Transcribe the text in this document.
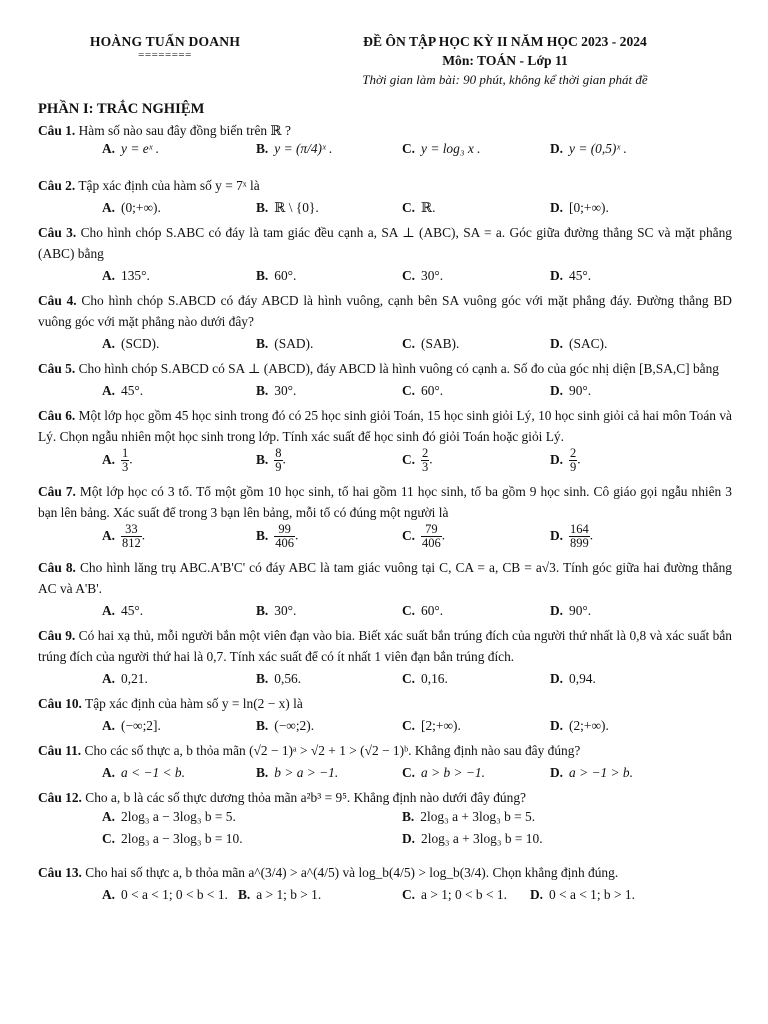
HOÀNG TUẤN DOANH
========
ĐỀ ÔN TẬP HỌC KỲ II NĂM HỌC 2023 - 2024
Môn: TOÁN - Lớp 11
Thời gian làm bài: 90 phút, không kể thời gian phát đề
PHẦN I: TRẮC NGHIỆM
Câu 1. Hàm số nào sau đây đồng biến trên ℝ ?
A. y = eˣ .	B. y = (π/4)ˣ .	C. y = log₃ x .	D. y = (0,5)ˣ .
Câu 2. Tập xác định của hàm số y = 7ˣ là
A. (0;+∞).	B. ℝ \ {0}.	C. ℝ.	D. [0;+∞).
Câu 3. Cho hình chóp S.ABC có đáy là tam giác đều cạnh a, SA ⊥ (ABC), SA = a. Góc giữa đường thẳng SC và mặt phẳng (ABC) bằng
A. 135°.	B. 60°.	C. 30°.	D. 45°.
Câu 4. Cho hình chóp S.ABCD có đáy ABCD là hình vuông, cạnh bên SA vuông góc với mặt phẳng đáy. Đường thẳng BD vuông góc với mặt phẳng nào dưới đây?
A. (SCD).	B. (SAD).	C. (SAB).	D. (SAC).
Câu 5. Cho hình chóp S.ABCD có SA ⊥ (ABCD), đáy ABCD là hình vuông có cạnh a. Số đo của góc nhị diện [B,SA,C] bằng
A. 45°.	B. 30°.	C. 60°.	D. 90°.
Câu 6. Một lớp học gồm 45 học sinh trong đó có 25 học sinh giỏi Toán, 15 học sinh giỏi Lý, 10 học sinh giỏi cả hai môn Toán và Lý. Chọn ngẫu nhiên một học sinh trong lớp. Tính xác suất để học sinh đó giỏi Toán hoặc giỏi Lý.
A. $\frac{1}{3}$ .	B. $\frac{8}{9}$ .	C. $\frac{2}{3}$ .	D. $\frac{2}{9}$ .
Câu 7. Một lớp học có 3 tổ. Tổ một gồm 10 học sinh, tổ hai gồm 11 học sinh, tổ ba gồm 9 học sinh. Cô giáo gọi ngẫu nhiên 3 bạn lên bảng. Xác suất để trong 3 bạn lên bảng, mỗi tổ có đúng một người là
A. $\frac{33}{812}$ .	B. $\frac{99}{406}$ .	C. $\frac{79}{406}$ .	D. $\frac{164}{899}$ .
Câu 8. Cho hình lăng trụ ABC.A'B'C' có đáy ABC là tam giác vuông tại C, CA = a, CB = a√3. Tính góc giữa hai đường thẳng AC và A'B'.
A. 45°.	B. 30°.	C. 60°.	D. 90°.
Câu 9. Có hai xạ thủ, mỗi người bắn một viên đạn vào bia. Biết xác suất bắn trúng đích của người thứ nhất là 0,8 và xác suất bắn trúng đích của người thứ hai là 0,7. Tính xác suất để có ít nhất 1 viên đạn bắn trúng đích.
A. 0,21.	B. 0,56.	C. 0,16.	D. 0,94.
Câu 10. Tập xác định của hàm số y = ln(2 − x) là
A. (−∞;2].	B. (−∞;2).	C. [2;+∞).	D. (2;+∞).
Câu 11. Cho các số thực a, b thỏa mãn (√2 − 1)ᵃ > √2 + 1 > (√2 − 1)ᵇ. Khẳng định nào sau đây đúng?
A. a < −1 < b.	B. b > a > −1.	C. a > b > −1.	D. a > −1 > b.
Câu 12. Cho a, b là các số thực dương thỏa mãn a²b³ = 9⁵. Khẳng định nào dưới đây đúng?
A. 2log₃ a − 3log₃ b = 5.	B. 2log₃ a + 3log₃ b = 5.
C. 2log₃ a − 3log₃ b = 10.	D. 2log₃ a + 3log₃ b = 10.
Câu 13. Cho hai số thực a, b thỏa mãn a^(3/4) > a^(4/5) và log_b(4/5) > log_b(3/4). Chọn khẳng định đúng.
A. 0 < a < 1; 0 < b < 1. B. a > 1; b > 1.	C. a > 1; 0 < b < 1. D. 0 < a < 1; b > 1.
